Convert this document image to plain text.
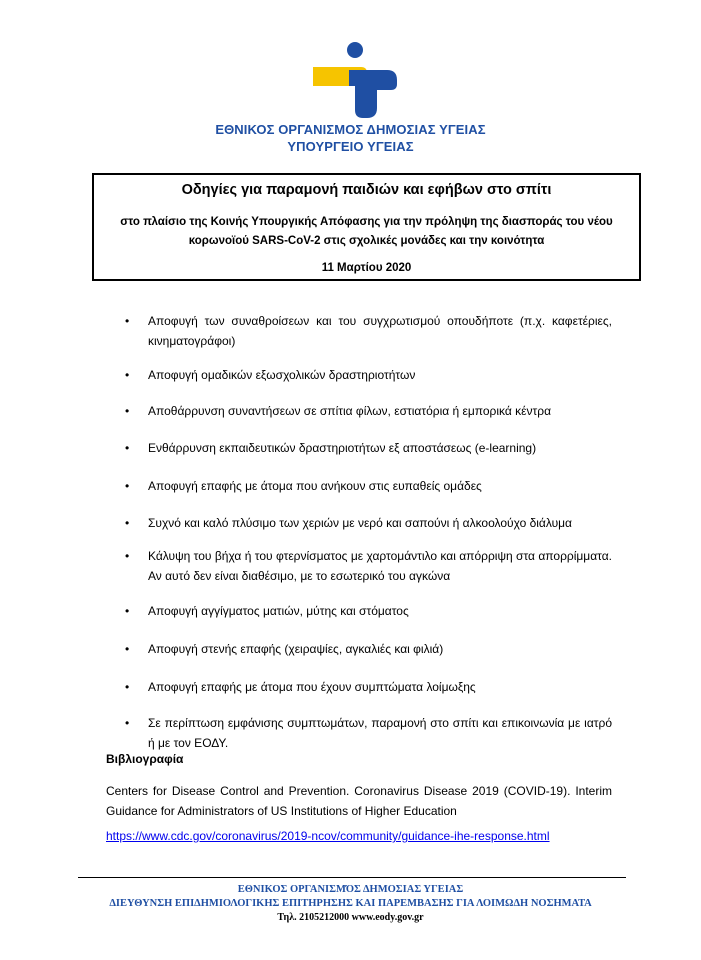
ΕΘΝΙΚΟΣ ΟΡΓΑΝΙΣΜΟΣ ΔΗΜΟΣΙΑΣ ΥΓΕΙΑΣ
ΥΠΟΥΡΓΕΙΟ ΥΓΕΙΑΣ
Οδηγίες για παραμονή παιδιών και εφήβων στο σπίτι
στο πλαίσιο της Κοινής Υπουργικής Απόφασης για την πρόληψη της διασποράς του νέου κορωνοϊού SARS-CoV-2 στις σχολικές μονάδες και την κοινότητα
11 Μαρτίου 2020
• Αποφυγή των συναθροίσεων και του συγχρωτισμού οπουδήποτε (π.χ. καφετέριες, κινηματογράφοι)
• Αποφυγή ομαδικών εξωσχολικών δραστηριοτήτων
• Αποθάρρυνση συναντήσεων σε σπίτια φίλων, εστιατόρια ή εμπορικά κέντρα
• Ενθάρρυνση εκπαιδευτικών δραστηριοτήτων εξ αποστάσεως (e-learning)
• Αποφυγή επαφής με άτομα που ανήκουν στις ευπαθείς ομάδες
• Συχνό και καλό πλύσιμο των χεριών με νερό και σαπούνι ή αλκοολούχο διάλυμα
• Κάλυψη του βήχα ή του φτερνίσματος με χαρτομάντιλο και απόρριψη στα απορρίμματα. Αν αυτό δεν είναι διαθέσιμο, με το εσωτερικό του αγκώνα
• Αποφυγή αγγίγματος ματιών, μύτης και στόματος
• Αποφυγή στενής επαφής (χειραψίες, αγκαλιές και φιλιά)
• Αποφυγή επαφής με άτομα που έχουν συμπτώματα λοίμωξης
• Σε περίπτωση εμφάνισης συμπτωμάτων, παραμονή στο σπίτι και επικοινωνία με ιατρό ή με τον ΕΟΔΥ.
Βιβλιογραφία
Centers for Disease Control and Prevention. Coronavirus Disease 2019 (COVID-19). Interim Guidance for Administrators of US Institutions of Higher Education
https://www.cdc.gov/coronavirus/2019-ncov/community/guidance-ihe-response.html
ΕΘΝΙΚΟΣ ΟΡΓΑΝΙΣΜΌΣ ΔΗΜΟΣΙΑΣ ΥΓΕΙΑΣ
ΔΙΕΥΘΥΝΣΗ ΕΠΙΔΗΜΙΟΛΟΓΙΚΗΣ ΕΠΙΤΗΡΗΣΗΣ ΚΑΙ ΠΑΡΕΜΒΑΣΗΣ ΓΙΑ ΛΟΙΜΩΔΗ ΝΟΣΗΜΑΤΑ
Τηλ. 2105212000 www.eody.gov.gr
